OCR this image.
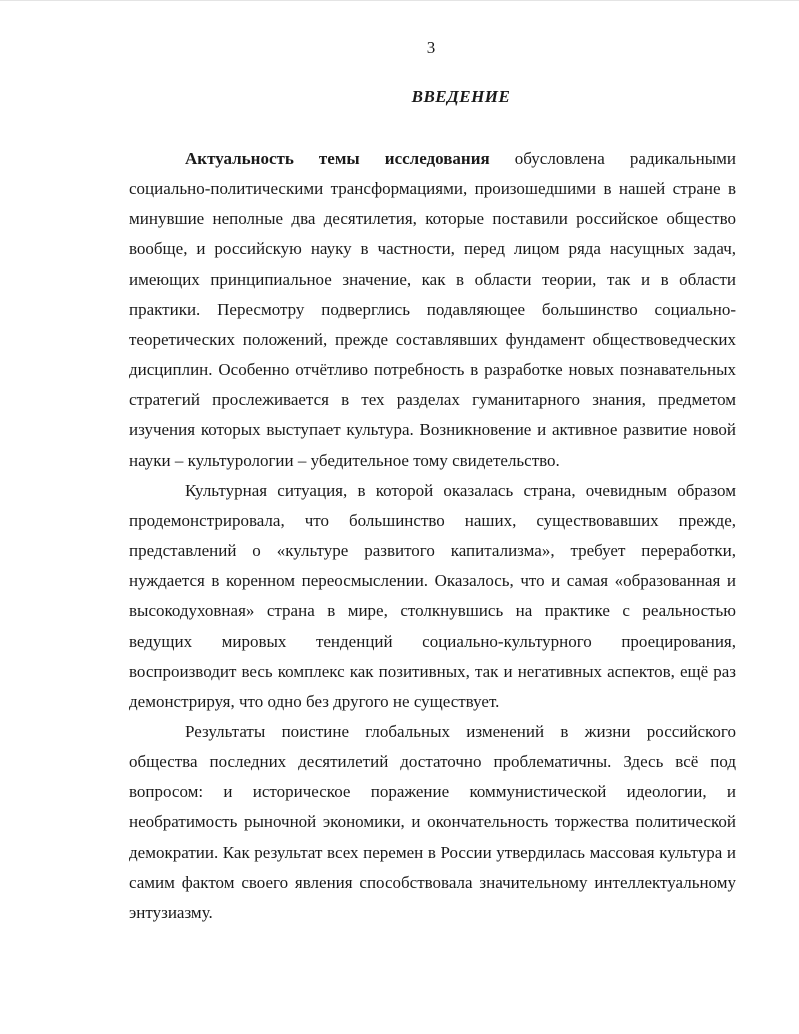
3
ВВЕДЕНИЕ

Актуальность темы исследования обусловлена радикальными социально-политическими трансформациями, произошедшими в нашей стране в минувшие неполные два десятилетия, которые поставили российское общество вообще, и российскую науку в частности, перед лицом ряда насущных задач, имеющих принципиальное значение, как в области теории, так и в области практики. Пересмотру подверглись подавляющее большинство социально-теоретических положений, прежде составлявших фундамент обществоведческих дисциплин. Особенно отчётливо потребность в разработке новых познавательных стратегий прослеживается в тех разделах гуманитарного знания, предметом изучения которых выступает культура. Возникновение и активное развитие новой науки – культурологии – убедительное тому свидетельство.

Культурная ситуация, в которой оказалась страна, очевидным образом продемонстрировала, что большинство наших, существовавших прежде, представлений о «культуре развитого капитализма», требует переработки, нуждается в коренном переосмыслении. Оказалось, что и самая «образованная и высокодуховная» страна в мире, столкнувшись на практике с реальностью ведущих мировых тенденций социально-культурного проецирования, воспроизводит весь комплекс как позитивных, так и негативных аспектов, ещё раз демонстрируя, что одно без другого не существует.

Результаты поистине глобальных изменений в жизни российского общества последних десятилетий достаточно проблематичны. Здесь всё под вопросом: и историческое поражение коммунистической идеологии, и необратимость рыночной экономики, и окончательность торжества политической демократии. Как результат всех перемен в России утвердилась массовая культура и самим фактом своего явления способствовала значительному интеллектуальному энтузиазму.
